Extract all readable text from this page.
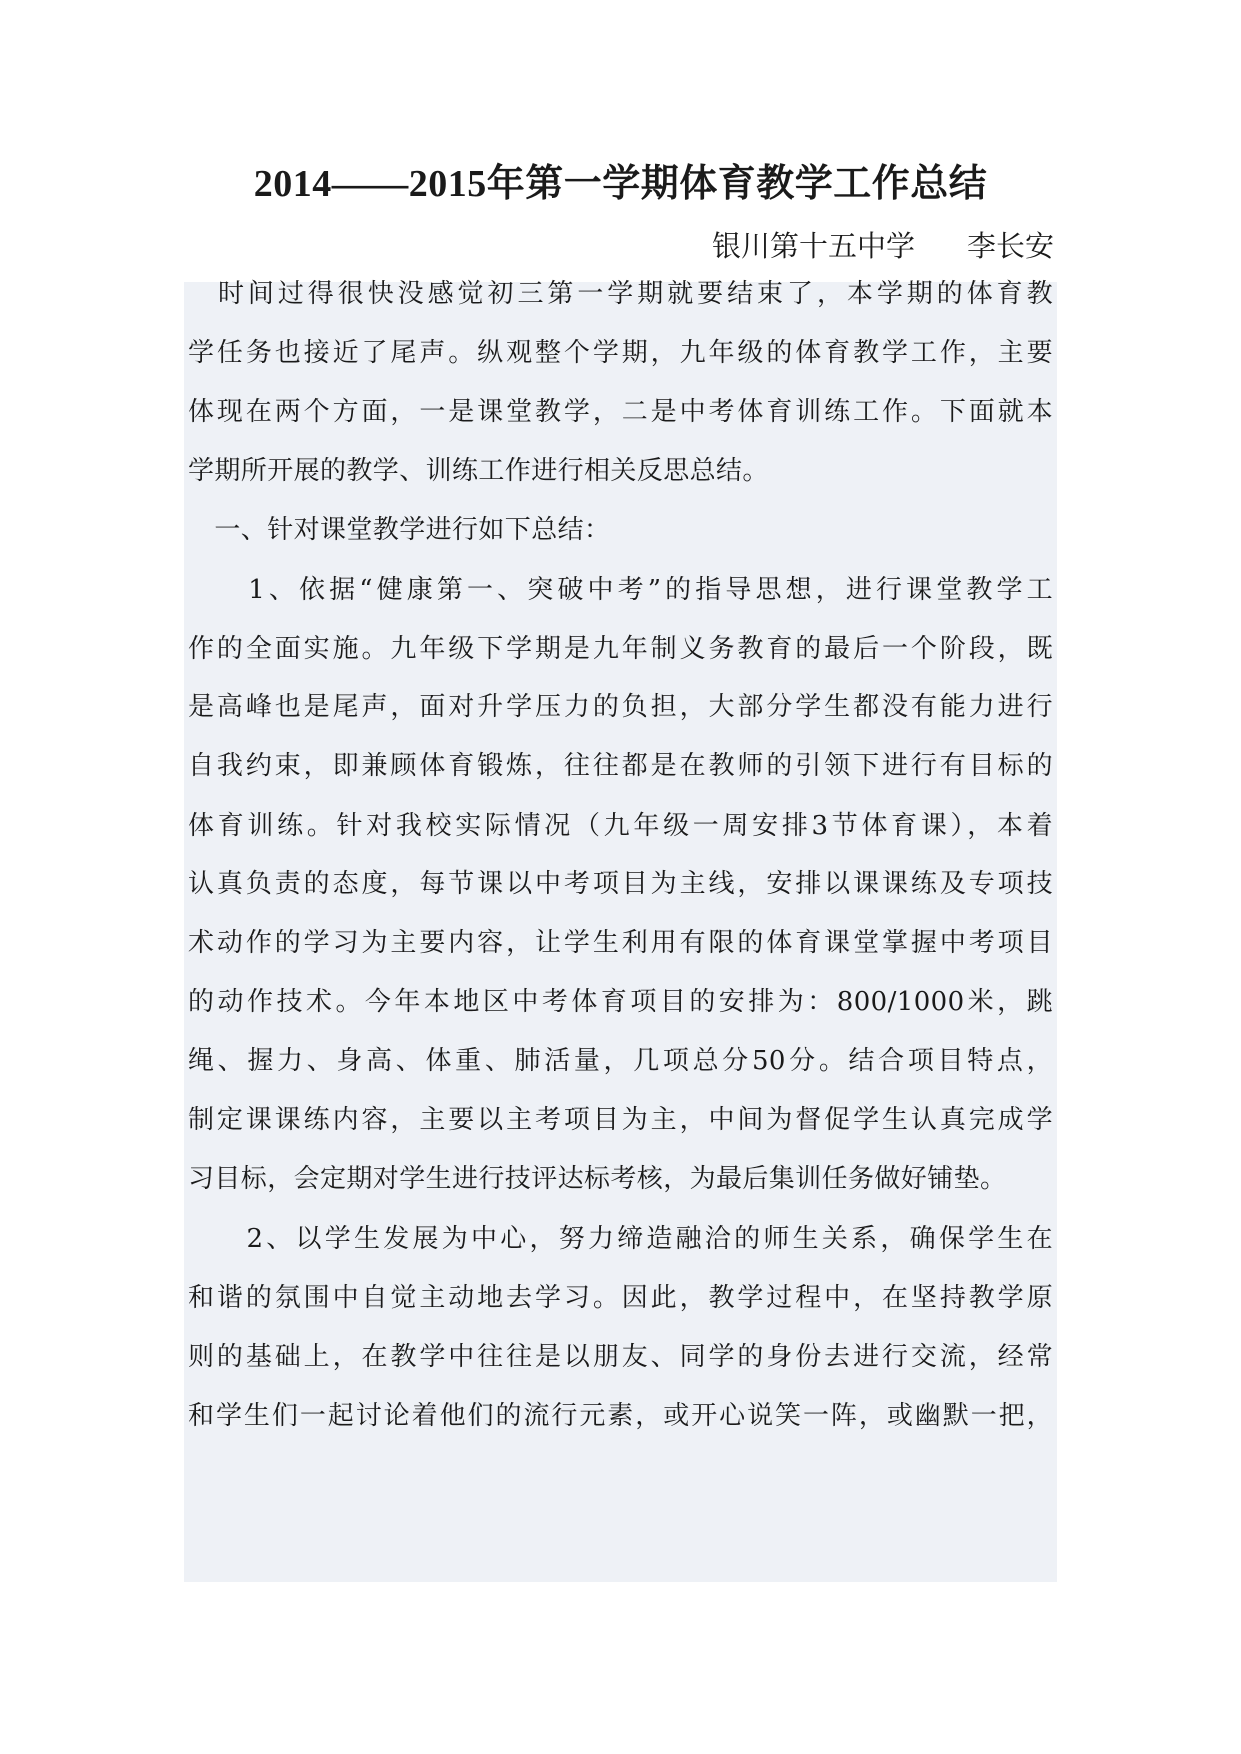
2014——2015年第一学期体育教学工作总结
银川第十五中学 李长安
　时间过得很快没感觉初三第一学期就要结束了，本学期的体育教
学任务也接近了尾声。纵观整个学期，九年级的体育教学工作，主要
体现在两个方面，一是课堂教学，二是中考体育训练工作。下面就本
学期所开展的教学、训练工作进行相关反思总结。
　一、针对课堂教学进行如下总结：
　　1、依据“健康第一、突破中考”的指导思想，进行课堂教学工
作的全面实施。九年级下学期是九年制义务教育的最后一个阶段，既
是高峰也是尾声，面对升学压力的负担，大部分学生都没有能力进行
自我约束，即兼顾体育锻炼，往往都是在教师的引领下进行有目标的
体育训练。针对我校实际情况（九年级一周安排3节体育课），本着
认真负责的态度，每节课以中考项目为主线，安排以课课练及专项技
术动作的学习为主要内容，让学生利用有限的体育课堂掌握中考项目
的动作技术。今年本地区中考体育项目的安排为：800/1000米，跳
绳、握力、身高、体重、肺活量，几项总分50分。结合项目特点，
制定课课练内容，主要以主考项目为主，中间为督促学生认真完成学
习目标，会定期对学生进行技评达标考核，为最后集训任务做好铺垫。
　　2、以学生发展为中心，努力缔造融洽的师生关系，确保学生在
和谐的氛围中自觉主动地去学习。因此，教学过程中，在坚持教学原
则的基础上，在教学中往往是以朋友、同学的身份去进行交流，经常
和学生们一起讨论着他们的流行元素，或开心说笑一阵，或幽默一把，
